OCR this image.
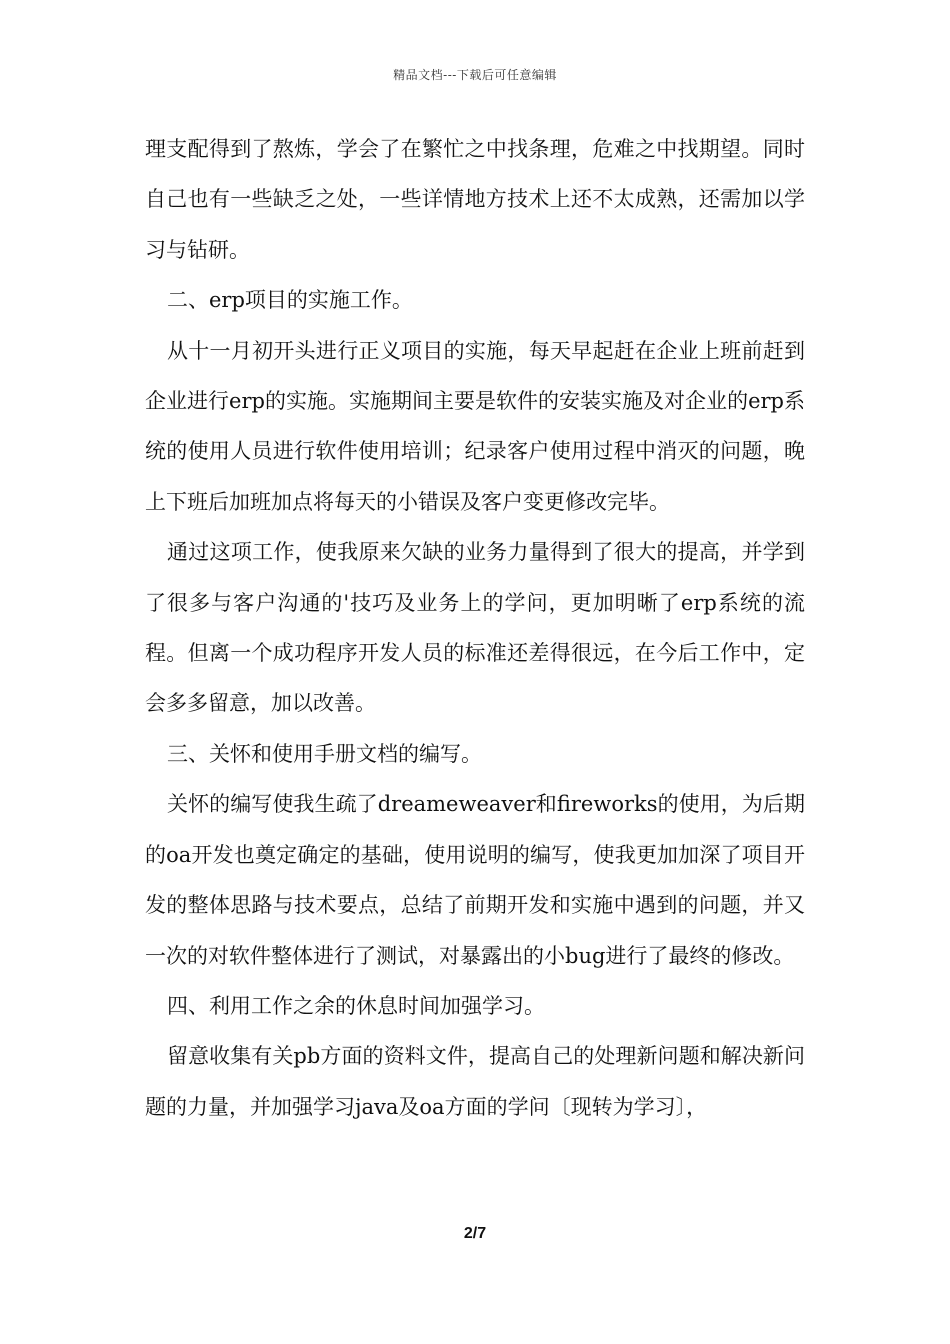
精品文档---下载后可任意编辑

理支配得到了熬炼，学会了在繁忙之中找条理，危难之中找期望。同时自己也有一些缺乏之处，一些详情地方技术上还不太成熟，还需加以学习与钻研。

二、erp项目的实施工作。

从十一月初开头进行正义项目的实施，每天早起赶在企业上班前赶到企业进行erp的实施。实施期间主要是软件的安装实施及对企业的erp系统的使用人员进行软件使用培训；纪录客户使用过程中消灭的问题，晚上下班后加班加点将每天的小错误及客户变更修改完毕。

通过这项工作，使我原来欠缺的业务力量得到了很大的提高，并学到了很多与客户沟通的'技巧及业务上的学问，更加明晰了erp系统的流程。但离一个成功程序开发人员的标准还差得很远，在今后工作中，定会多多留意，加以改善。

三、关怀和使用手册文档的编写。

关怀的编写使我生疏了dreameweaver和fireworks的使用，为后期的oa开发也奠定确定的基础，使用说明的编写，使我更加加深了项目开发的整体思路与技术要点，总结了前期开发和实施中遇到的问题，并又一次的对软件整体进行了测试，对暴露出的小bug进行了最终的修改。

四、利用工作之余的休息时间加强学习。

留意收集有关pb方面的资料文件，提高自己的处理新问题和解决新问题的力量，并加强学习java及oa方面的学问〔现转为学习〕，

2/7
